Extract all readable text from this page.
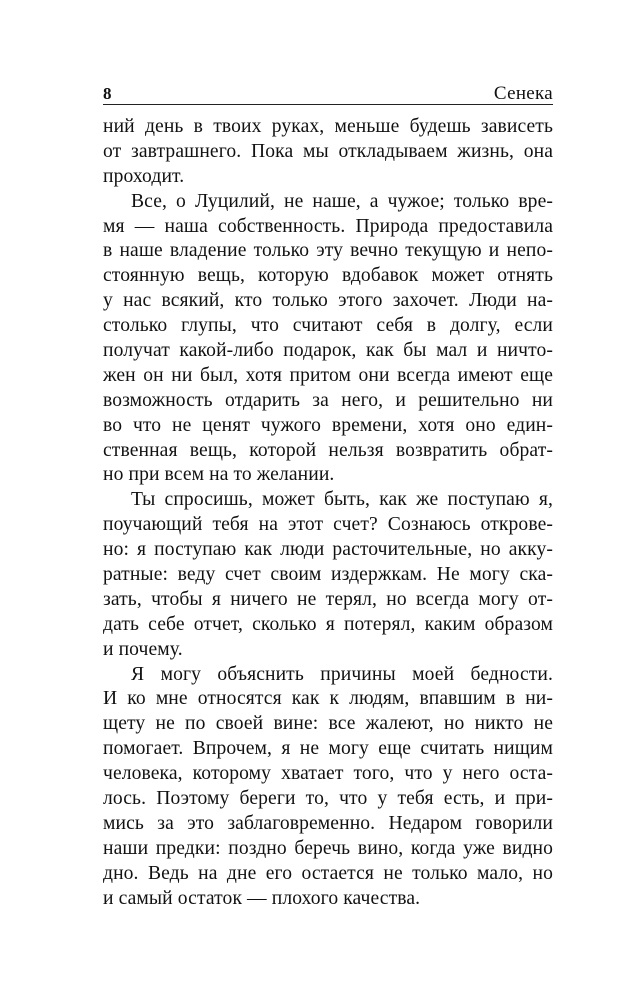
8	Сенека
ний день в твоих руках, меньше будешь зависеть
от завтрашнего. Пока мы откладываем жизнь, она
проходит.
Все, о Луцилий, не наше, а чужое; только вре-
мя — наша собственность. Природа предоставила
в наше владение только эту вечно текущую и непо-
стоянную вещь, которую вдобавок может отнять
у нас всякий, кто только этого захочет. Люди на-
столько глупы, что считают себя в долгу, если
получат какой-либо подарок, как бы мал и ничто-
жен он ни был, хотя притом они всегда имеют еще
возможность отдарить за него, и решительно ни
во что не ценят чужого времени, хотя оно един-
ственная вещь, которой нельзя возвратить обрат-
но при всем на то желании.
Ты спросишь, может быть, как же поступаю я,
поучающий тебя на этот счет? Сознаюсь открове-
но: я поступаю как люди расточительные, но акку-
ратные: веду счет своим издержкам. Не могу ска-
зать, чтобы я ничего не терял, но всегда могу от-
дать себе отчет, сколько я потерял, каким образом
и почему.
Я могу объяснить причины моей бедности.
И ко мне относятся как к людям, впавшим в ни-
щету не по своей вине: все жалеют, но никто не
помогает. Впрочем, я не могу еще считать нищим
человека, которому хватает того, что у него оста-
лось. Поэтому береги то, что у тебя есть, и при-
мись за это заблаговременно. Недаром говорили
наши предки: поздно беречь вино, когда уже видно
дно. Ведь на дне его остается не только мало, но
и самый остаток — плохого качества.
